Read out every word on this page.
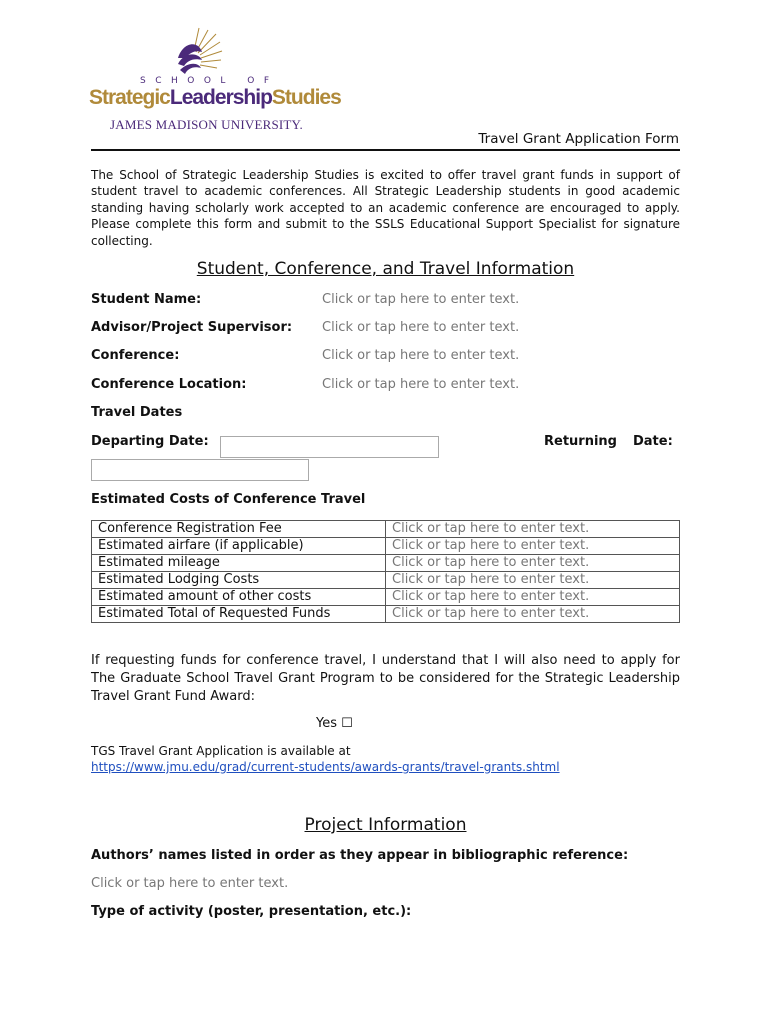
SCHOOL OF
StrategicLeadershipStudies
JAMES MADISON UNIVERSITY.
Travel Grant Application Form
The School of Strategic Leadership Studies is excited to offer travel grant funds in support of student travel to academic conferences. All Strategic Leadership students in good academic standing having scholarly work accepted to an academic conference are encouraged to apply. Please complete this form and submit to the SSLS Educational Support Specialist for signature collecting.
Student, Conference, and Travel Information
Student Name:	Click or tap here to enter text.
Advisor/Project Supervisor: Click or tap here to enter text.
Conference:	Click or tap here to enter text.
Conference Location:	Click or tap here to enter text.
Travel Dates
Departing Date:	Returning Date:
Estimated Costs of Conference Travel
Conference Registration Fee	Click or tap here to enter text.
Estimated airfare (if applicable)	Click or tap here to enter text.
Estimated mileage	Click or tap here to enter text.
Estimated Lodging Costs	Click or tap here to enter text.
Estimated amount of other costs	Click or tap here to enter text.
Estimated Total of Requested Funds	Click or tap here to enter text.
If requesting funds for conference travel, I understand that I will also need to apply for The Graduate School Travel Grant Program to be considered for the Strategic Leadership Travel Grant Fund Award:
Yes ☐
TGS Travel Grant Application is available at
https://www.jmu.edu/grad/current-students/awards-grants/travel-grants.shtml
Project Information
Authors’ names listed in order as they appear in bibliographic reference:
Click or tap here to enter text.
Type of activity (poster, presentation, etc.):
